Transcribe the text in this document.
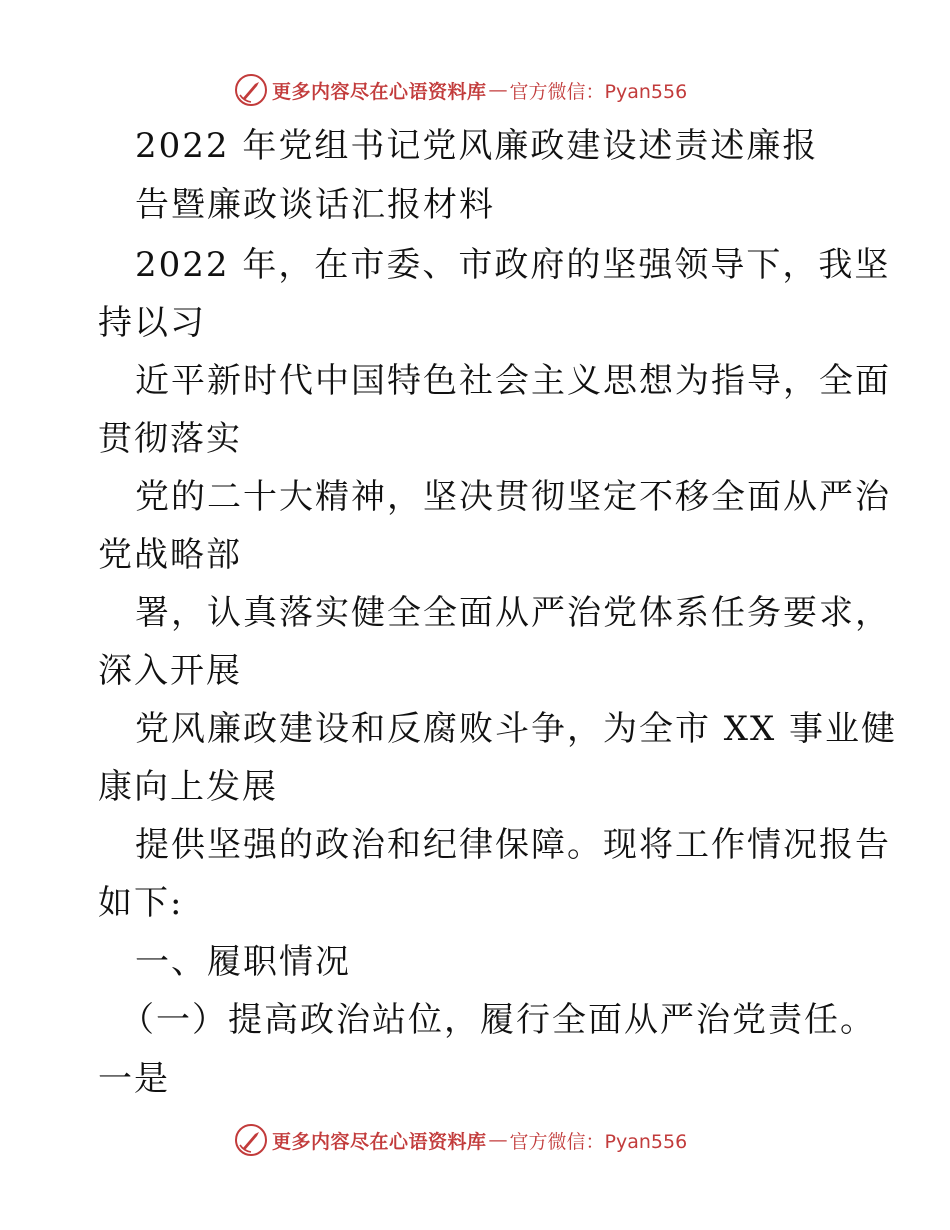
更多内容尽在心语资料库 — 官方微信：Pyan556
2022 年党组书记党风廉政建设述责述廉报
告暨廉政谈话汇报材料
2022 年，在市委、市政府的坚强领导下，我坚
持以习
近平新时代中国特色社会主义思想为指导，全面
贯彻落实
党的二十大精神，坚决贯彻坚定不移全面从严治
党战略部
署，认真落实健全全面从严治党体系任务要求，
深入开展
党风廉政建设和反腐败斗争，为全市 XX 事业健
康向上发展
提供坚强的政治和纪律保障。现将工作情况报告
如下:
一、履职情况
（一）提高政治站位，履行全面从严治党责任。
一是
更多内容尽在心语资料库 — 官方微信：Pyan556
